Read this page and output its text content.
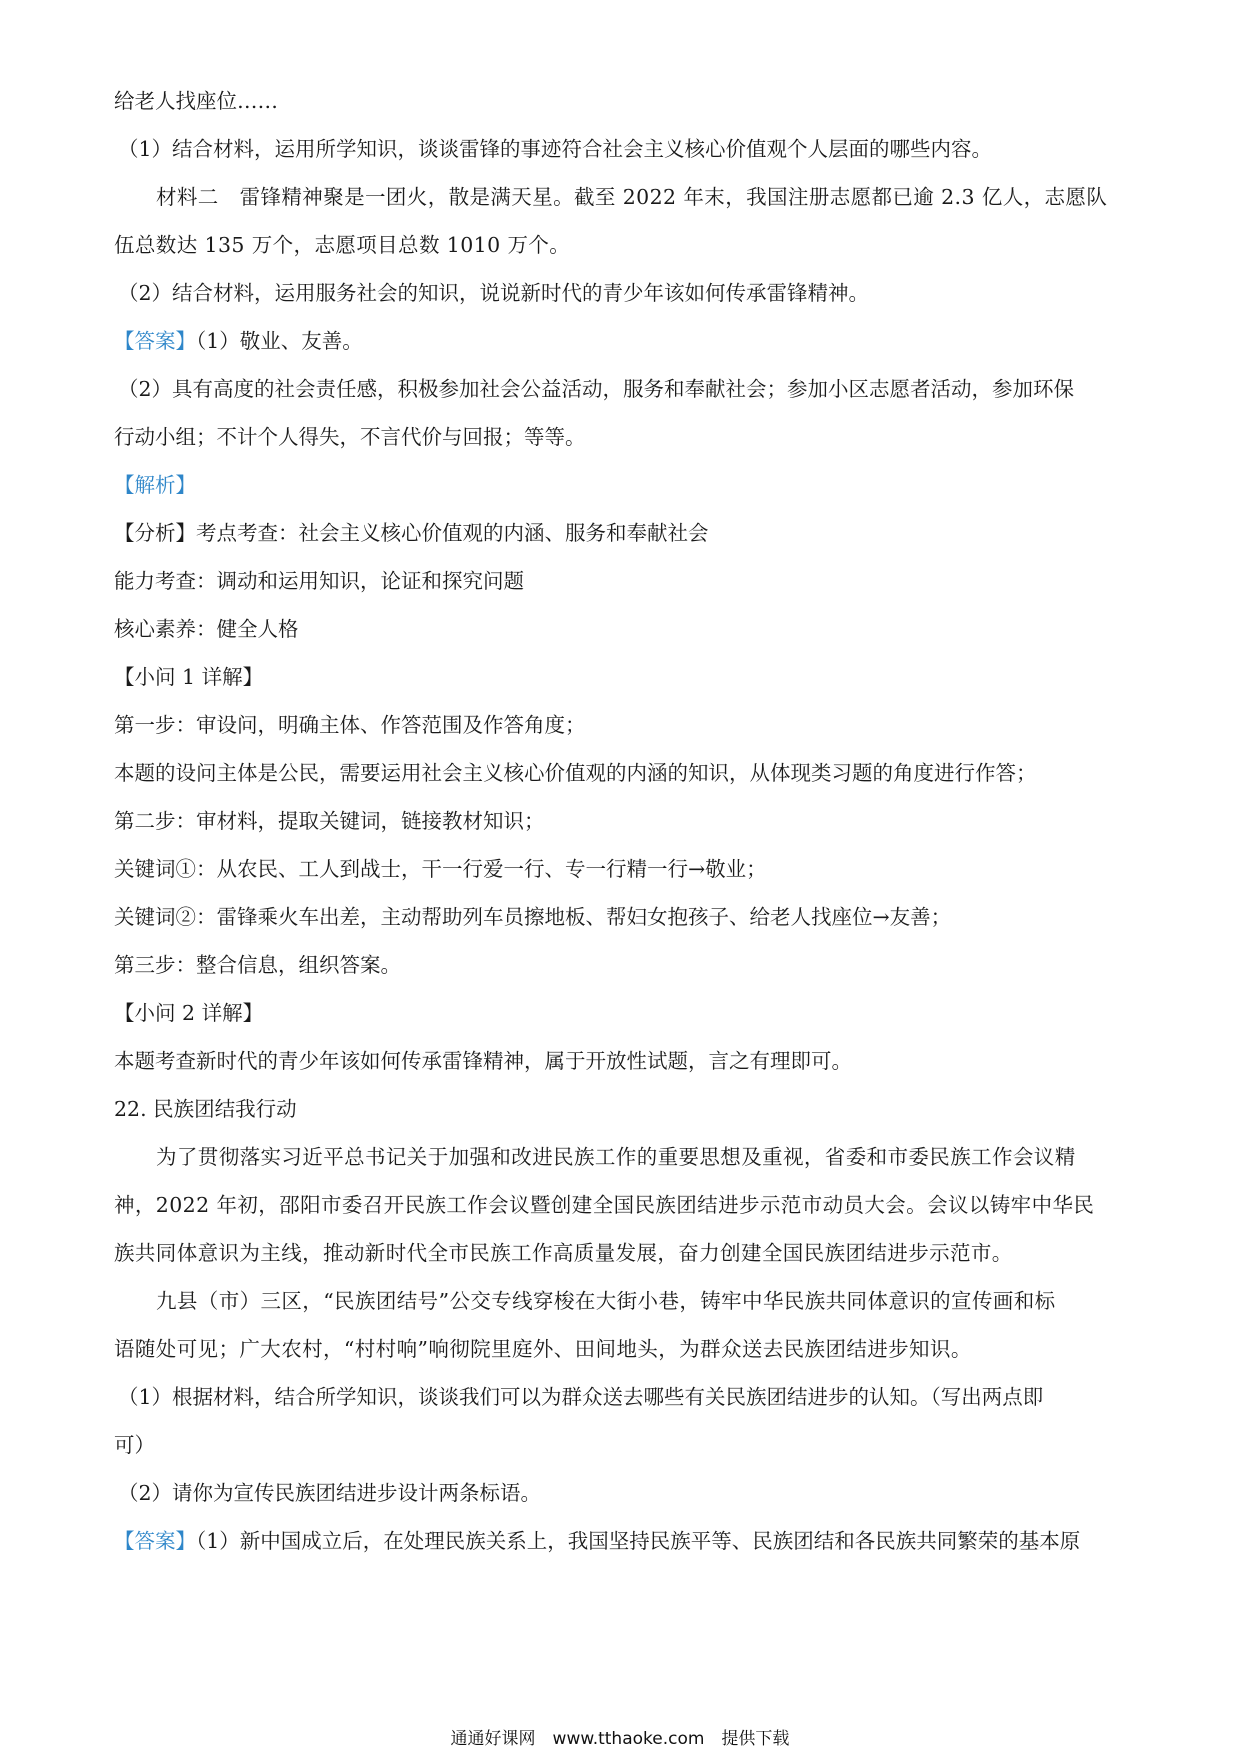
给老人找座位……
（1）结合材料，运用所学知识，谈谈雷锋的事迹符合社会主义核心价值观个人层面的哪些内容。
材料二　雷锋精神聚是一团火，散是满天星。截至 2022 年末，我国注册志愿都已逾 2.3 亿人，志愿队
伍总数达 135 万个，志愿项目总数 1010 万个。
（2）结合材料，运用服务社会的知识，说说新时代的青少年该如何传承雷锋精神。
【答案】（1）敬业、友善。
（2）具有高度的社会责任感，积极参加社会公益活动，服务和奉献社会；参加小区志愿者活动，参加环保
行动小组；不计个人得失，不言代价与回报；等等。
【解析】
【分析】考点考查：社会主义核心价值观的内涵、服务和奉献社会
能力考查：调动和运用知识，论证和探究问题
核心素养：健全人格
【小问 1 详解】
第一步：审设问，明确主体、作答范围及作答角度；
本题的设问主体是公民，需要运用社会主义核心价值观的内涵的知识，从体现类习题的角度进行作答；
第二步：审材料，提取关键词，链接教材知识；
关键词①：从农民、工人到战士，干一行爱一行、专一行精一行→敬业；
关键词②：雷锋乘火车出差，主动帮助列车员擦地板、帮妇女抱孩子、给老人找座位→友善；
第三步：整合信息，组织答案。
【小问 2 详解】
本题考查新时代的青少年该如何传承雷锋精神，属于开放性试题，言之有理即可。
22. 民族团结我行动
为了贯彻落实习近平总书记关于加强和改进民族工作的重要思想及重视，省委和市委民族工作会议精
神，2022 年初，邵阳市委召开民族工作会议暨创建全国民族团结进步示范市动员大会。会议以铸牢中华民
族共同体意识为主线，推动新时代全市民族工作高质量发展，奋力创建全国民族团结进步示范市。
九县（市）三区，“民族团结号”公交专线穿梭在大街小巷，铸牢中华民族共同体意识的宣传画和标
语随处可见；广大农村，“村村响”响彻院里庭外、田间地头，为群众送去民族团结进步知识。
（1）根据材料，结合所学知识，谈谈我们可以为群众送去哪些有关民族团结进步的认知。（写出两点即
可）
（2）请你为宣传民族团结进步设计两条标语。
【答案】（1）新中国成立后，在处理民族关系上，我国坚持民族平等、民族团结和各民族共同繁荣的基本原
通通好课网　www.tthaoke.com　提供下载
